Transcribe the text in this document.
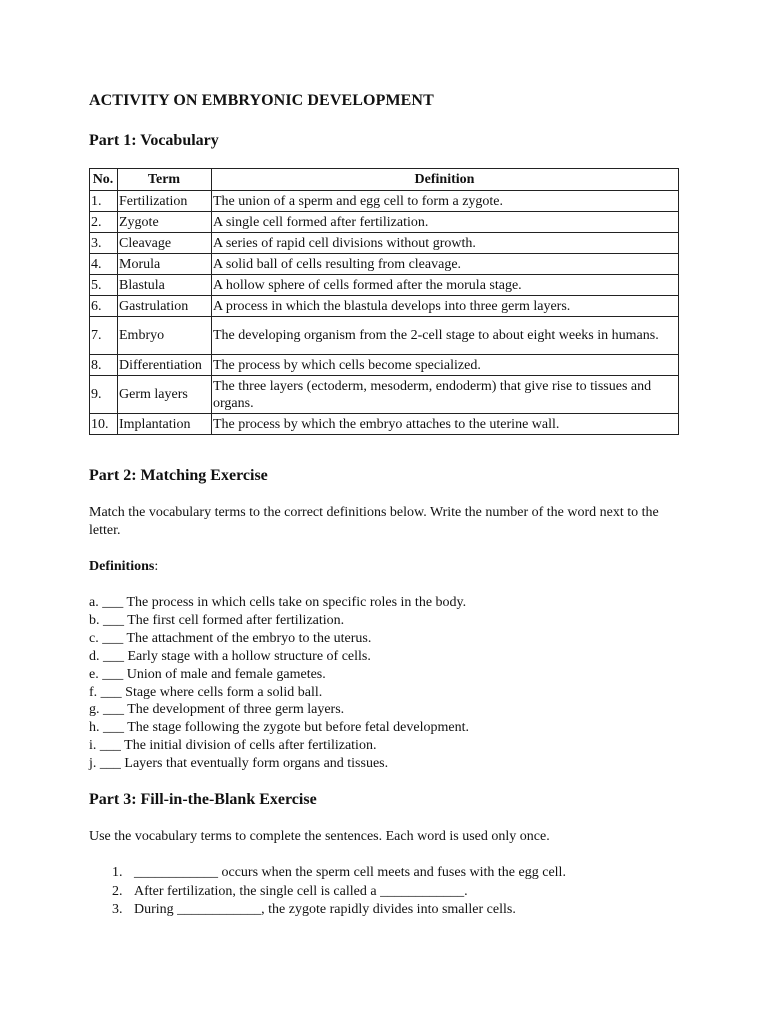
ACTIVITY ON EMBRYONIC DEVELOPMENT
Part 1: Vocabulary
No.	Term	Definition
1.	Fertilization	The union of a sperm and egg cell to form a zygote.
2.	Zygote	A single cell formed after fertilization.
3.	Cleavage	A series of rapid cell divisions without growth.
4.	Morula	A solid ball of cells resulting from cleavage.
5.	Blastula	A hollow sphere of cells formed after the morula stage.
6.	Gastrulation	A process in which the blastula develops into three germ layers.
7.	Embryo	The developing organism from the 2-cell stage to about eight weeks in humans.
8.	Differentiation	The process by which cells become specialized.
9.	Germ layers	The three layers (ectoderm, mesoderm, endoderm) that give rise to tissues and organs.
10.	Implantation	The process by which the embryo attaches to the uterine wall.
Part 2: Matching Exercise

Match the vocabulary terms to the correct definitions below. Write the number of the word next to the letter.

Definitions:

a. ___ The process in which cells take on specific roles in the body.
b. ___ The first cell formed after fertilization.
c. ___ The attachment of the embryo to the uterus.
d. ___ Early stage with a hollow structure of cells.
e. ___ Union of male and female gametes.
f. ___ Stage where cells form a solid ball.
g. ___ The development of three germ layers.
h. ___ The stage following the zygote but before fetal development.
i. ___ The initial division of cells after fertilization.
j. ___ Layers that eventually form organs and tissues.
Part 3: Fill-in-the-Blank Exercise

Use the vocabulary terms to complete the sentences. Each word is used only once.

1. ____________ occurs when the sperm cell meets and fuses with the egg cell.
2. After fertilization, the single cell is called a ____________.
3. During ____________, the zygote rapidly divides into smaller cells.
